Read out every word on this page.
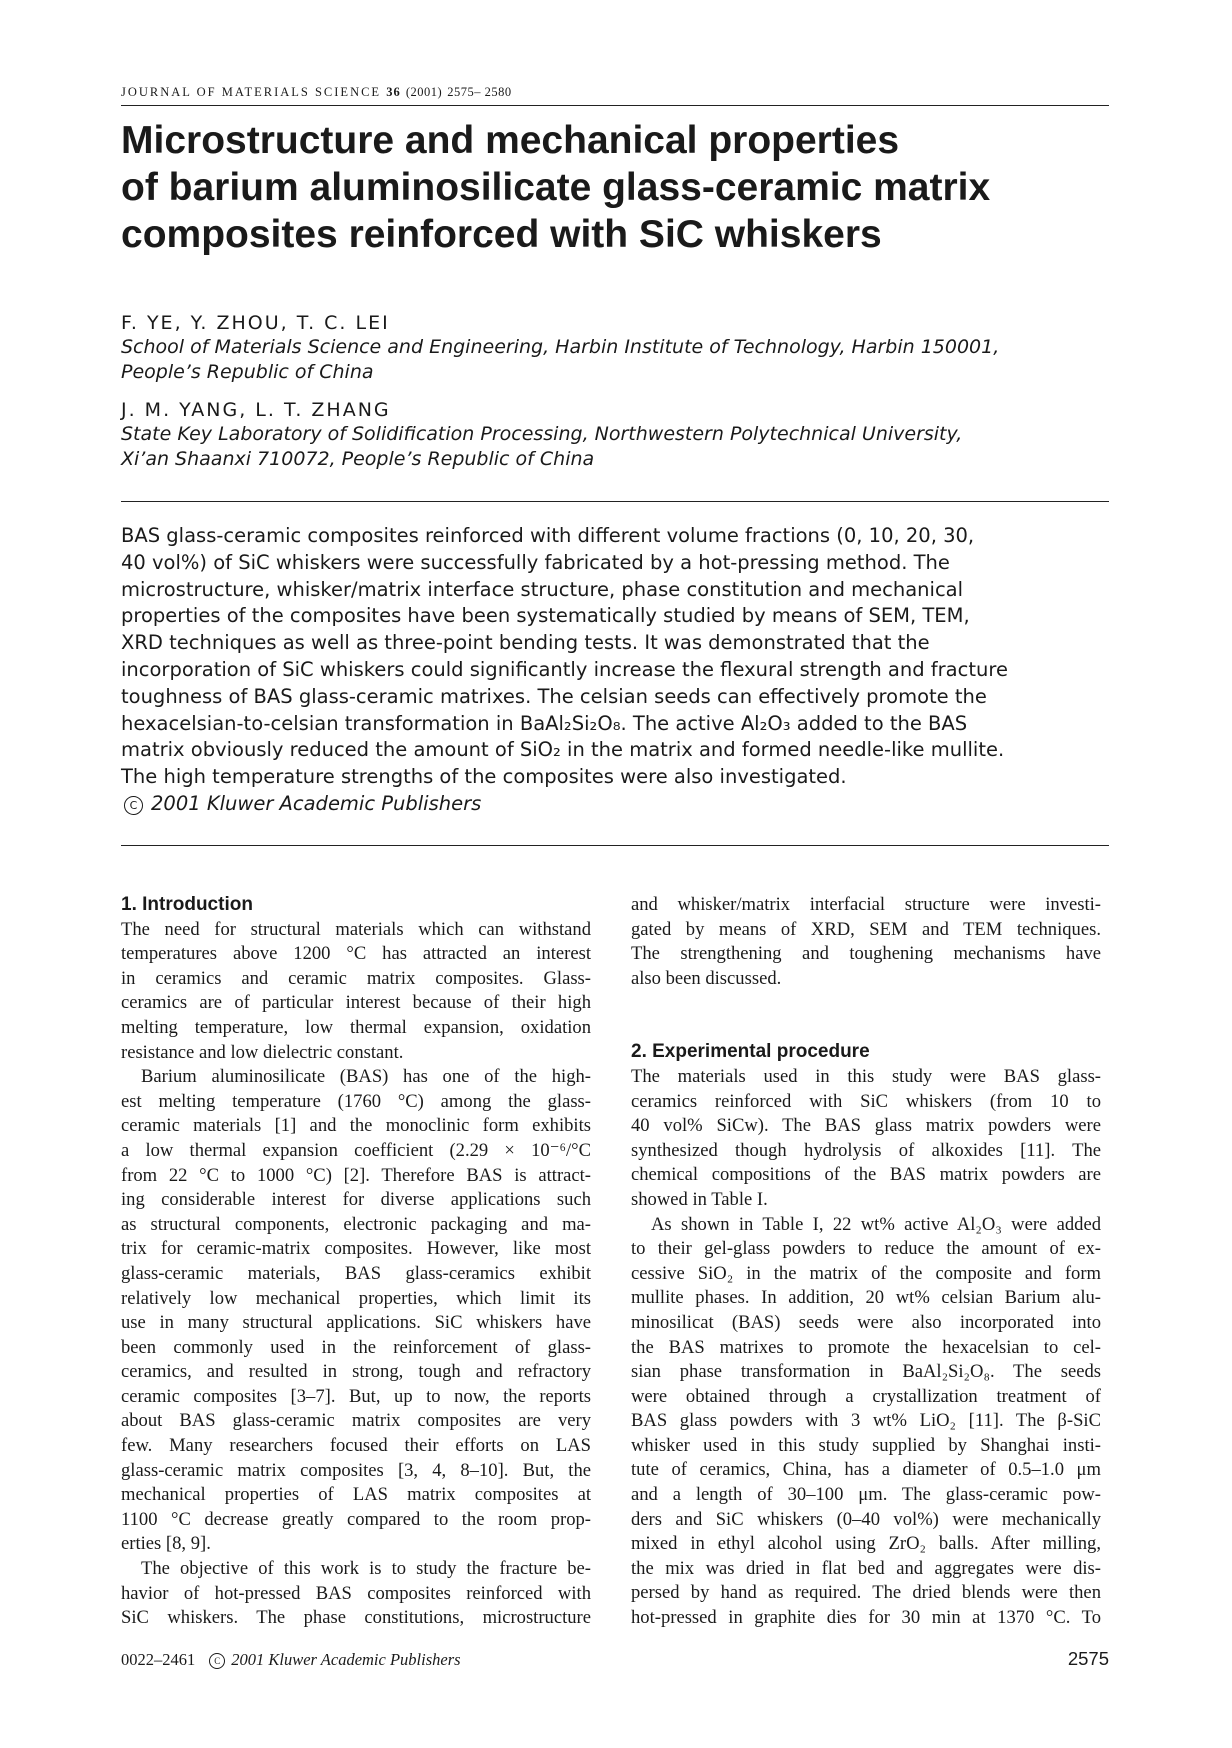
JOURNAL OF MATERIALS SCIENCE 36 (2001) 2575– 2580
Microstructure and mechanical properties
of barium aluminosilicate glass-ceramic matrix
composites reinforced with SiC whiskers
F. YE, Y. ZHOU, T. C. LEI
School of Materials Science and Engineering, Harbin Institute of Technology, Harbin 150001,
People’s Republic of China
J. M. YANG, L. T. ZHANG
State Key Laboratory of Solidification Processing, Northwestern Polytechnical University,
Xi’an Shaanxi 710072, People’s Republic of China
BAS glass-ceramic composites reinforced with different volume fractions (0, 10, 20, 30,
40 vol%) of SiC whiskers were successfully fabricated by a hot-pressing method. The
microstructure, whisker/matrix interface structure, phase constitution and mechanical
properties of the composites have been systematically studied by means of SEM, TEM,
XRD techniques as well as three-point bending tests. It was demonstrated that the
incorporation of SiC whiskers could significantly increase the flexural strength and fracture
toughness of BAS glass-ceramic matrixes. The celsian seeds can effectively promote the
hexacelsian-to-celsian transformation in BaAl₂Si₂O₈. The active Al₂O₃ added to the BAS
matrix obviously reduced the amount of SiO₂ in the matrix and formed needle-like mullite.
The high temperature strengths of the composites were also investigated.
C 2001 Kluwer Academic Publishers
1. Introduction
The need for structural materials which can withstand
temperatures above 1200 °C has attracted an interest
in ceramics and ceramic matrix composites. Glass-
ceramics are of particular interest because of their high
melting temperature, low thermal expansion, oxidation
resistance and low dielectric constant.
Barium aluminosilicate (BAS) has one of the high-
est melting temperature (1760 °C) among the glass-
ceramic materials [1] and the monoclinic form exhibits
a low thermal expansion coefficient (2.29 × 10⁻⁶/°C
from 22 °C to 1000 °C) [2]. Therefore BAS is attract-
ing considerable interest for diverse applications such
as structural components, electronic packaging and ma-
trix for ceramic-matrix composites. However, like most
glass-ceramic materials, BAS glass-ceramics exhibit
relatively low mechanical properties, which limit its
use in many structural applications. SiC whiskers have
been commonly used in the reinforcement of glass-
ceramics, and resulted in strong, tough and refractory
ceramic composites [3–7]. But, up to now, the reports
about BAS glass-ceramic matrix composites are very
few. Many researchers focused their efforts on LAS
glass-ceramic matrix composites [3, 4, 8–10]. But, the
mechanical properties of LAS matrix composites at
1100 °C decrease greatly compared to the room prop-
erties [8, 9].
The objective of this work is to study the fracture be-
havior of hot-pressed BAS composites reinforced with
SiC whiskers. The phase constitutions, microstructure
and whisker/matrix interfacial structure were investi-
gated by means of XRD, SEM and TEM techniques.
The strengthening and toughening mechanisms have
also been discussed.
2. Experimental procedure
The materials used in this study were BAS glass-
ceramics reinforced with SiC whiskers (from 10 to
40 vol% SiCw). The BAS glass matrix powders were
synthesized though hydrolysis of alkoxides [11]. The
chemical compositions of the BAS matrix powders are
showed in Table I.
As shown in Table I, 22 wt% active Al₂O₃ were added
to their gel-glass powders to reduce the amount of ex-
cessive SiO₂ in the matrix of the composite and form
mullite phases. In addition, 20 wt% celsian Barium alu-
minosilicat (BAS) seeds were also incorporated into
the BAS matrixes to promote the hexacelsian to cel-
sian phase transformation in BaAl₂Si₂O₈. The seeds
were obtained through a crystallization treatment of
BAS glass powders with 3 wt% LiO₂ [11]. The β-SiC
whisker used in this study supplied by Shanghai insti-
tute of ceramics, China, has a diameter of 0.5–1.0 μm
and a length of 30–100 μm. The glass-ceramic pow-
ders and SiC whiskers (0–40 vol%) were mechanically
mixed in ethyl alcohol using ZrO₂ balls. After milling,
the mix was dried in flat bed and aggregates were dis-
persed by hand as required. The dried blends were then
hot-pressed in graphite dies for 30 min at 1370 °C. To
0022–2461 C 2001 Kluwer Academic Publishers	2575
